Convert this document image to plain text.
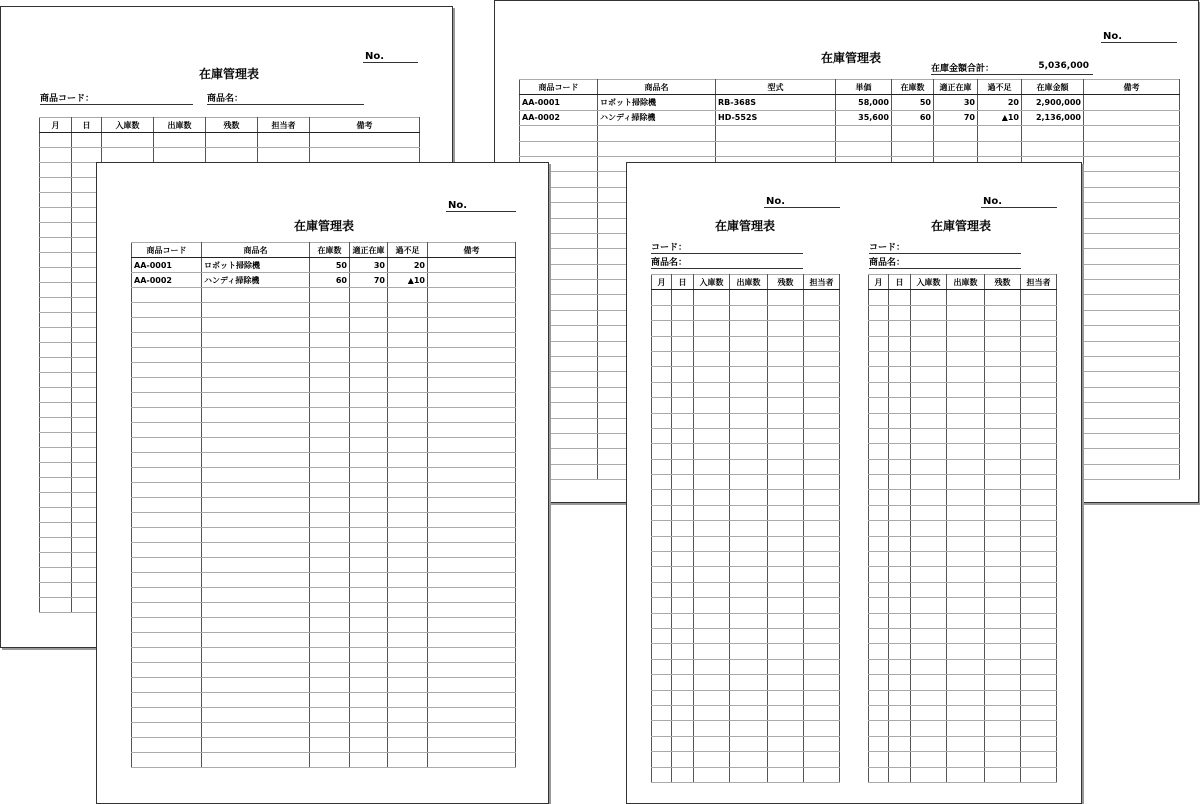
No.
在庫管理表
商品コード：	商品名：
月	日	入庫数	出庫数	残数	担当者	備考

No.
在庫管理表
在庫金額合計：	5,036,000
商品コード	商品名	型式	単価	在庫数	適正在庫	過不足	在庫金額	備考
AA-0001	ロボット掃除機	RB-368S	58,000	50	30	20	2,900,000	
AA-0002	ハンディ掃除機	HD-552S	35,600	60	70	▲10	2,136,000	

No.
在庫管理表
商品コード	商品名	在庫数	適正在庫	過不足	備考
AA-0001	ロボット掃除機	50	30	20	
AA-0002	ハンディ掃除機	60	70	▲10	

No.
在庫管理表
コード：
商品名：
月	日	入庫数	出庫数	残数	担当者

No.
在庫管理表
コード：
商品名：
月	日	入庫数	出庫数	残数	担当者
